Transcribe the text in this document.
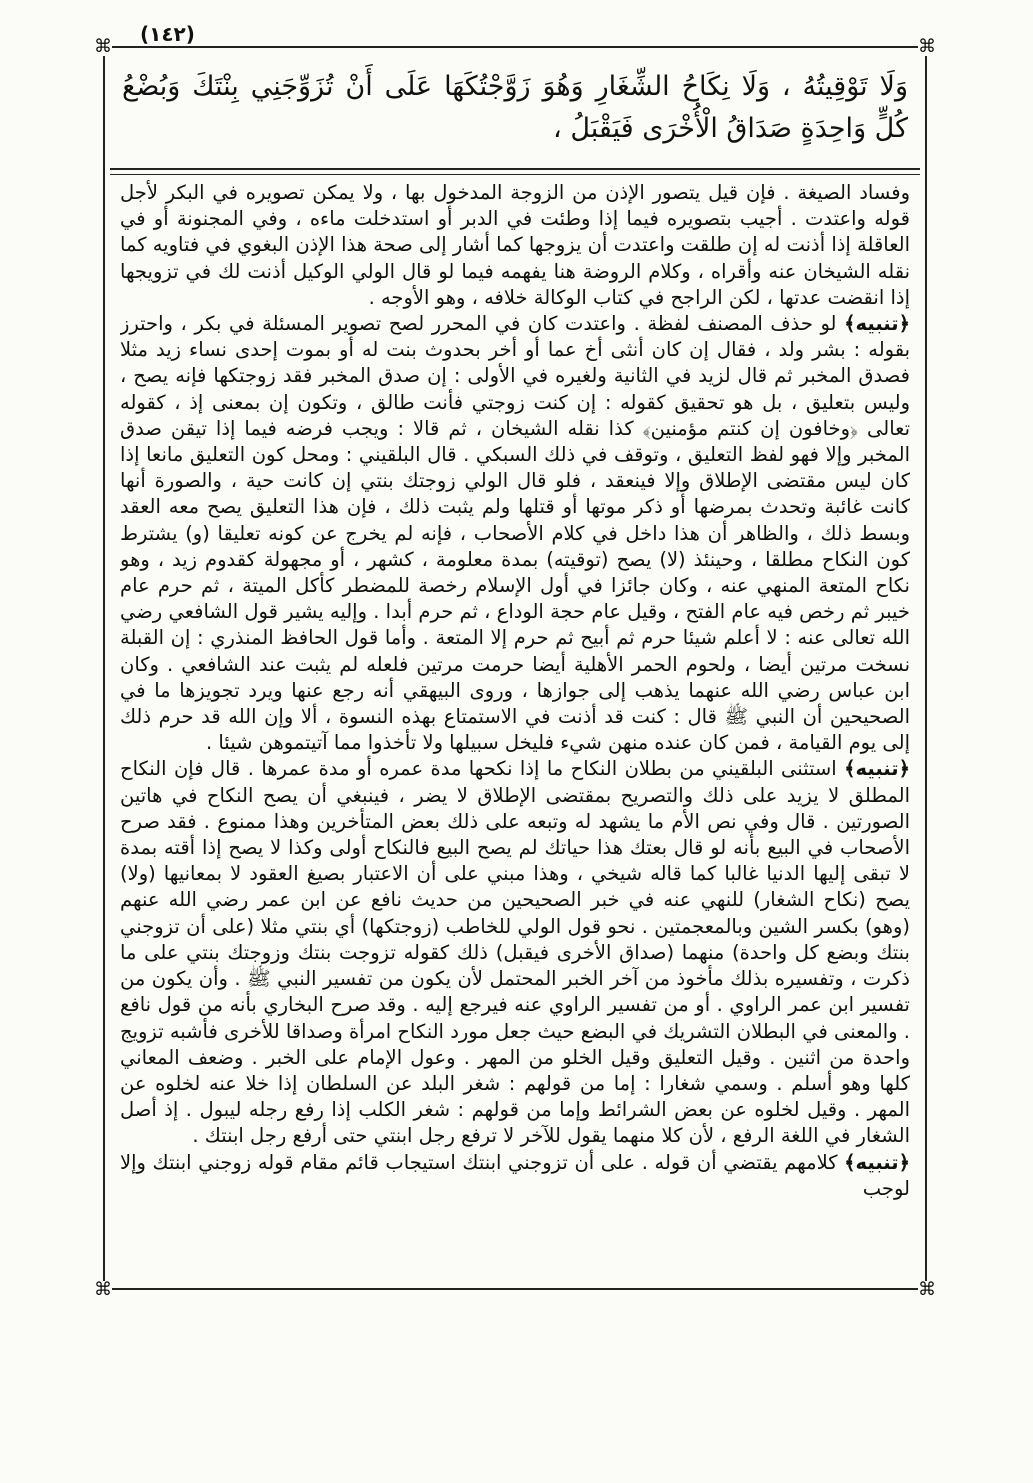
⌘	⌘
⌘	⌘
(١٤٢)
وَلَا تَوْقِيتُهُ ، وَلَا نِكَاحُ الشِّغَارِ وَهُوَ زَوَّجْتُكَهَا عَلَى أَنْ تُزَوِّجَنِي بِنْتَكَ وَبُضْعُ كُلٍّ وَاحِدَةٍ صَدَاقُ الْأُخْرَى فَيَقْبَلُ ،

وفساد الصيغة . فإن قيل يتصور الإذن من الزوجة المدخول بها ، ولا يمكن تصويره في البكر لأجل قوله واعتدت . أجيب بتصويره فيما إذا وطئت في الدبر أو استدخلت ماءه ، وفي المجنونة أو في العاقلة إذا أذنت له إن طلقت واعتدت أن يزوجها كما أشار إلى صحة هذا الإذن البغوي في فتاويه كما نقله الشيخان عنه وأقراه ، وكلام الروضة هنا يفهمه فيما لو قال الولي الوكيل أذنت لك في تزويجها إذا انقضت عدتها ، لكن الراجح في كتاب الوكالة خلافه ، وهو الأوجه .

﴿تنبيه﴾ لو حذف المصنف لفظة . واعتدت كان في المحرر لصح تصوير المسئلة في بكر ، واحترز بقوله : بشر ولد ، فقال إن كان أنثى أخ عما أو أخر بحدوث بنت له أو بموت إحدى نساء زيد مثلا فصدق المخبر ثم قال لزيد في الثانية ولغيره في الأولى : إن صدق المخبر فقد زوجتكها فإنه يصح ، وليس بتعليق ، بل هو تحقيق كقوله : إن كنت زوجتي فأنت طالق ، وتكون إن بمعنى إذ ، كقوله تعالى ﴿وخافون إن كنتم مؤمنين﴾ كذا نقله الشيخان ، ثم قالا : ويجب فرضه فيما إذا تيقن صدق المخبر وإلا فهو لفظ التعليق ، وتوقف في ذلك السبكي . قال البلقيني : ومحل كون التعليق مانعا إذا كان ليس مقتضى الإطلاق وإلا فينعقد ، فلو قال الولي زوجتك بنتي إن كانت حية ، والصورة أنها كانت غائبة وتحدث بمرضها أو ذكر موتها أو قتلها ولم يثبت ذلك ، فإن هذا التعليق يصح معه العقد وبسط ذلك ، والظاهر أن هذا داخل في كلام الأصحاب ، فإنه لم يخرج عن كونه تعليقا (و) يشترط كون النكاح مطلقا ، وحينئذ (لا) يصح (توقيته) بمدة معلومة ، كشهر ، أو مجهولة كقدوم زيد ، وهو نكاح المتعة المنهي عنه ، وكان جائزا في أول الإسلام رخصة للمضطر كأكل الميتة ، ثم حرم عام خيبر ثم رخص فيه عام الفتح ، وقيل عام حجة الوداع ، ثم حرم أبدا . وإليه يشير قول الشافعي رضي الله تعالى عنه : لا أعلم شيئا حرم ثم أبيح ثم حرم إلا المتعة . وأما قول الحافظ المنذري : إن القبلة نسخت مرتين أيضا ، ولحوم الحمر الأهلية أيضا حرمت مرتين فلعله لم يثبت عند الشافعي . وكان ابن عباس رضي الله عنهما يذهب إلى جوازها ، وروى البيهقي أنه رجع عنها ويرد تجويزها ما في الصحيحين أن النبي ﷺ قال : كنت قد أذنت في الاستمتاع بهذه النسوة ، ألا وإن الله قد حرم ذلك إلى يوم القيامة ، فمن كان عنده منهن شيء فليخل سبيلها ولا تأخذوا مما آتيتموهن شيئا .

﴿تنبيه﴾ استثنى البلقيني من بطلان النكاح ما إذا نكحها مدة عمره أو مدة عمرها . قال فإن النكاح المطلق لا يزيد على ذلك والتصريح بمقتضى الإطلاق لا يضر ، فينبغي أن يصح النكاح في هاتين الصورتين . قال وفي نص الأم ما يشهد له وتبعه على ذلك بعض المتأخرين وهذا ممنوع . فقد صرح الأصحاب في البيع بأنه لو قال بعتك هذا حياتك لم يصح البيع فالنكاح أولى وكذا لا يصح إذا أقته بمدة لا تبقى إليها الدنيا غالبا كما قاله شيخي ، وهذا مبني على أن الاعتبار بصيغ العقود لا بمعانيها (ولا) يصح (نكاح الشغار) للنهي عنه في خبر الصحيحين من حديث نافع عن ابن عمر رضي الله عنهم (وهو) بكسر الشين وبالمعجمتين . نحو قول الولي للخاطب (زوجتكها) أي بنتي مثلا (على أن تزوجني بنتك وبضع كل واحدة) منهما (صداق الأخرى فيقبل) ذلك كقوله تزوجت بنتك وزوجتك بنتي على ما ذكرت ، وتفسيره بذلك مأخوذ من آخر الخبر المحتمل لأن يكون من تفسير النبي ﷺ . وأن يكون من تفسير ابن عمر الراوي . أو من تفسير الراوي عنه فيرجع إليه . وقد صرح البخاري بأنه من قول نافع . والمعنى في البطلان التشريك في البضع حيث جعل مورد النكاح امرأة وصداقا للأخرى فأشبه تزويج واحدة من اثنين . وقيل التعليق وقيل الخلو من المهر . وعول الإمام على الخبر . وضعف المعاني كلها وهو أسلم . وسمي شغارا : إما من قولهم : شغر البلد عن السلطان إذا خلا عنه لخلوه عن المهر . وقيل لخلوه عن بعض الشرائط وإما من قولهم : شغر الكلب إذا رفع رجله ليبول . إذ أصل الشغار في اللغة الرفع ، لأن كلا منهما يقول للآخر لا ترفع رجل ابنتي حتى أرفع رجل ابنتك .

﴿تنبيه﴾ كلامهم يقتضي أن قوله . على أن تزوجني ابنتك استيجاب قائم مقام قوله زوجني ابنتك وإلا لوجب
